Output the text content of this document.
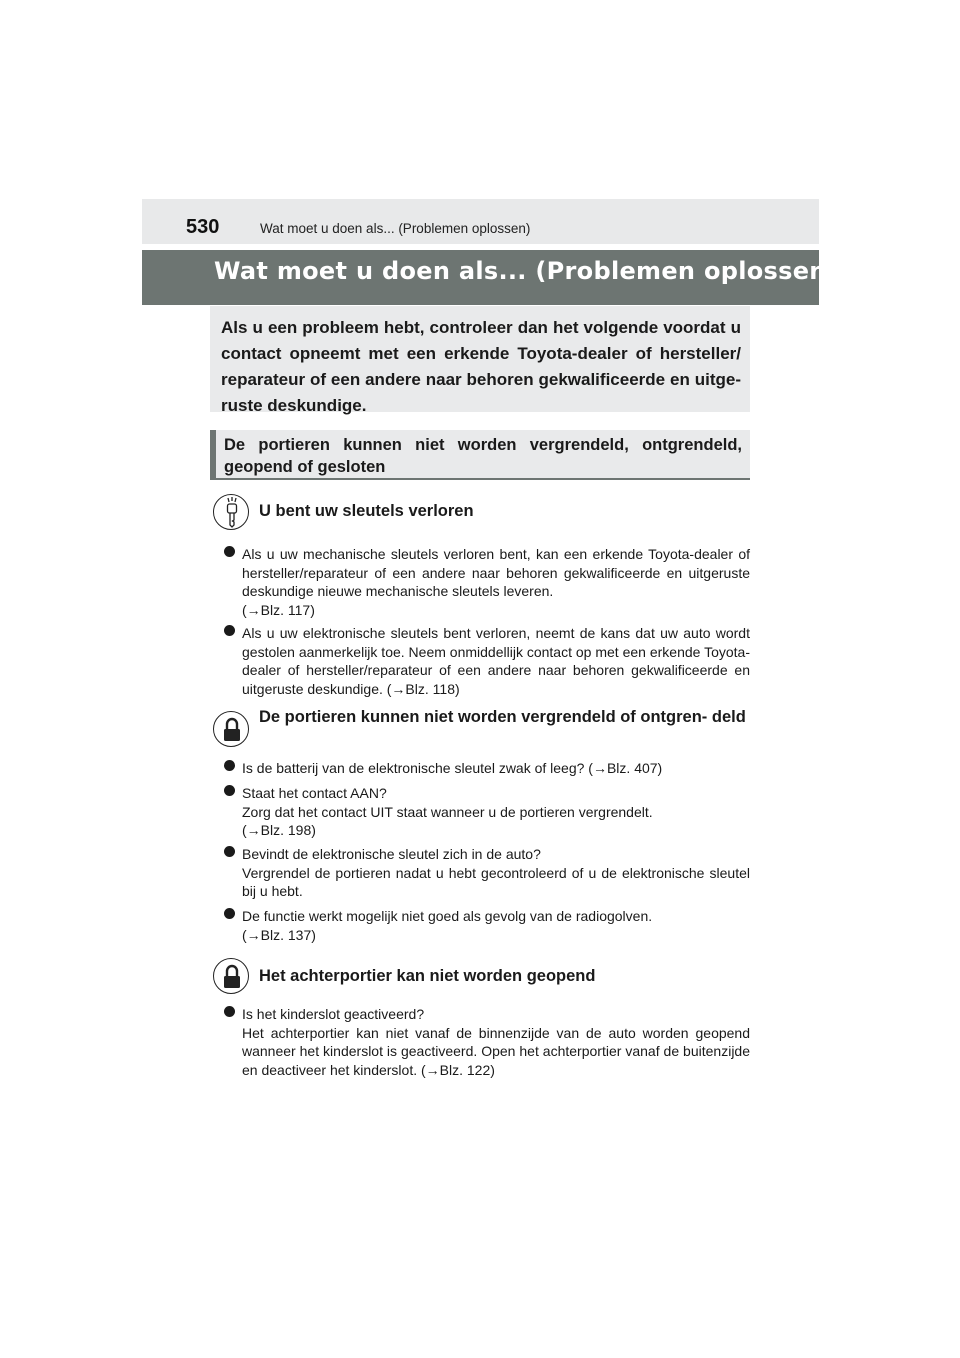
530	Wat moet u doen als... (Problemen oplossen)
Wat moet u doen als... (Problemen oplossen)
Als u een probleem hebt, controleer dan het volgende voordat u contact opneemt met een erkende Toyota-dealer of hersteller/ reparateur of een andere naar behoren gekwalificeerde en uitge- ruste deskundige.
De portieren kunnen niet worden vergrendeld, ontgrendeld, geopend of gesloten
U bent uw sleutels verloren
Als u uw mechanische sleutels verloren bent, kan een erkende Toyota-dealer of hersteller/reparateur of een andere naar behoren gekwalificeerde en uitgeruste deskundige nieuwe mechanische sleutels leveren.
(→Blz. 117)
Als u uw elektronische sleutels bent verloren, neemt de kans dat uw auto wordt gestolen aanmerkelijk toe. Neem onmiddellijk contact op met een erkende Toyota-dealer of hersteller/reparateur of een andere naar behoren gekwalificeerde en uitgeruste deskundige. (→Blz. 118)
De portieren kunnen niet worden vergrendeld of ontgren- deld
Is de batterij van de elektronische sleutel zwak of leeg? (→Blz. 407)
Staat het contact AAN?
Zorg dat het contact UIT staat wanneer u de portieren vergrendelt.
(→Blz. 198)
Bevindt de elektronische sleutel zich in de auto?
Vergrendel de portieren nadat u hebt gecontroleerd of u de elektronische sleutel bij u hebt.
De functie werkt mogelijk niet goed als gevolg van de radiogolven.
(→Blz. 137)
Het achterportier kan niet worden geopend
Is het kinderslot geactiveerd?
Het achterportier kan niet vanaf de binnenzijde van de auto worden geopend wanneer het kinderslot is geactiveerd. Open het achterportier vanaf de buitenzijde en deactiveer het kinderslot. (→Blz. 122)
